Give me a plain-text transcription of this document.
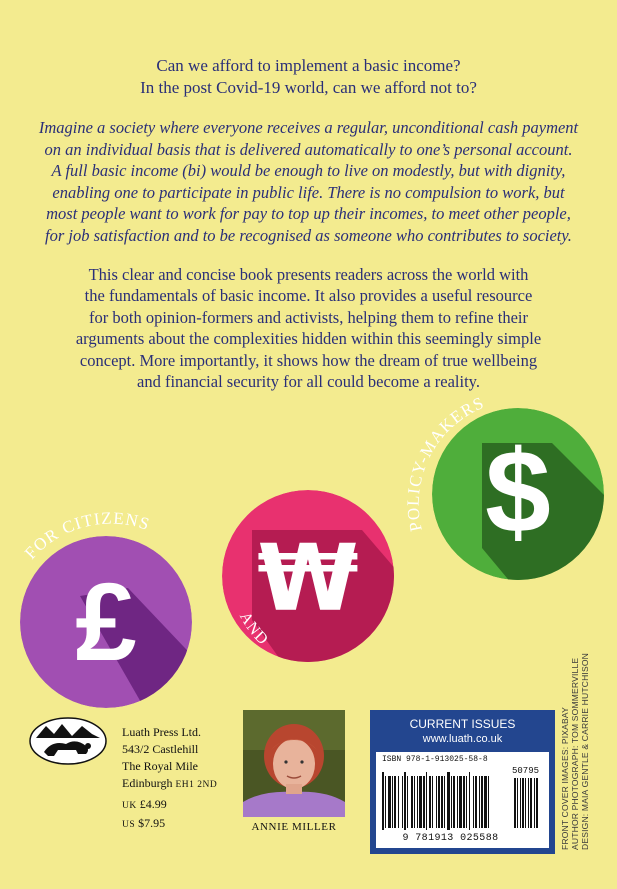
Can we afford to implement a basic income?
In the post Covid-19 world, can we afford not to?
Imagine a society where everyone receives a regular, unconditional cash payment
on an individual basis that is delivered automatically to one’s personal account.
A full basic income (bi) would be enough to live on modestly, but with dignity,
enabling one to participate in public life. There is no compulsion to work, but
most people want to work for pay to top up their incomes, to meet other people,
for job satisfaction and to be recognised as someone who contributes to society.
This clear and concise book presents readers across the world with
the fundamentals of basic income. It also provides a useful resource
for both opinion-formers and activists, helping them to refine their
arguments about the complexities hidden within this seemingly simple
concept. More importantly, it shows how the dream of true wellbeing
and financial security for all could become a reality.
£ ₩
$
FOR CITIZENS
AND
POLICY-MAKERS
Luath Press Ltd.
543/2 Castlehill
The Royal Mile
Edinburgh EH1 2ND
UK £4.99
US $7.95	ANNIE MILLER
CURRENT ISSUES
www.luath.co.uk
ISBN 978-1-913025-58-8
50795
9 781913 025588	FRONT COVER IMAGES: PIXABAY AUTHOR PHOTOGRAPH: TOM SOMMERVILLE DESIGN: MAIA GENTLE & CARRIE HUTCHISON
